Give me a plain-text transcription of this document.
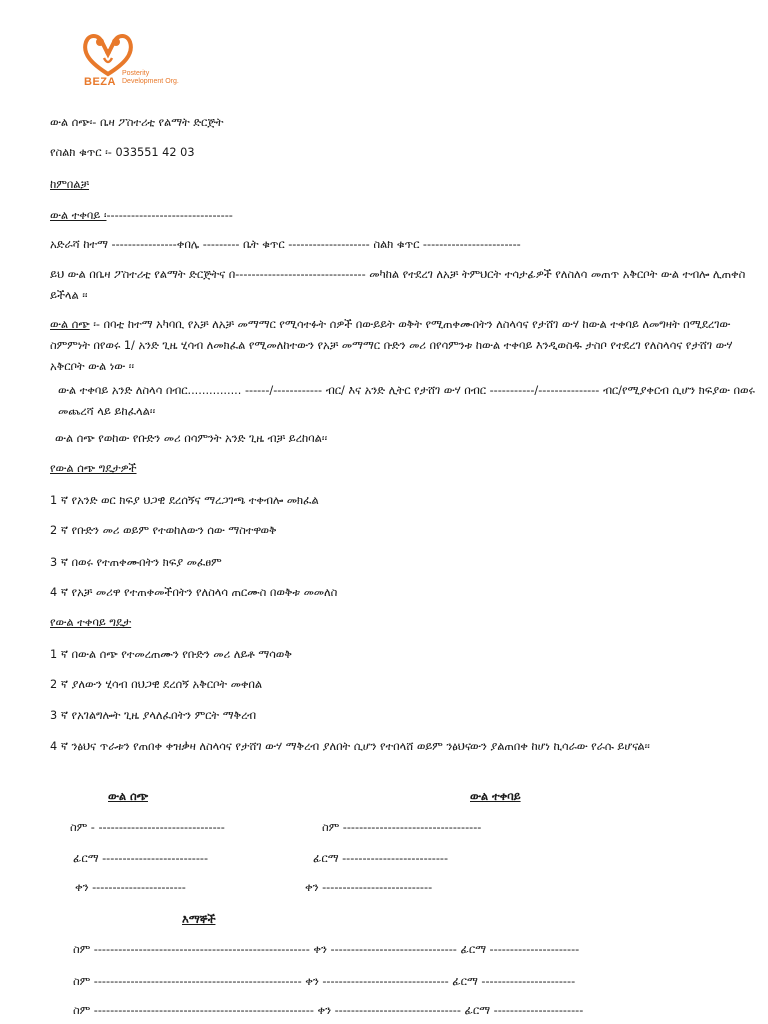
BEZA
Posterity
Development Org.
ውል ሰጭ፡- ቤዛ ፖስተሪቲ የልማት ድርጅት
የስልክ ቁጥር ፡- 033551 42 03
ከምበልቻ
ውል ተቀባይ ፡-------------------------------
አድራሻ ከተማ ----------------ቀበሌ --------- ቤት ቁጥር -------------------- ስልክ ቁጥር ------------------------
ይህ ውል በቤዛ ፖስተሪቲ የልማት ድርጅትና በ-------------------------------- መካከል የተደረገ ለአቻ ትምህርት ተሳታፊዎች የለስለሳ መጠጥ አቅርቦት ውል ተብሎ ሊጠቀስ ይችላል ፡፡
ውል ሰጭ ፡- በባቲ ከተማ አካባቢ የአቻ ለአቻ መማማር የሚሳተፉት ሰዎች በውይይት ወቅት የሚጠቀሙበትን ለስላሳና የታሸገ ውሃ ከውል ተቀባይ ለመግዛት በሚደረገው ስምምነት በየወሩ 1/ አንድ ጊዜ ሂሳብ ለመክፈል የሚመለከተውን የአቻ መማማር ቡድን መሪ በየሳምንቱ ከውል ተቀባይ እንዲወስዱ ታስቦ የተደረገ የለስላሳና የታሸገ ውሃ አቅርቦት ውል ነው ፡፡
ውል ተቀባይ አንድ ለስላሳ በብር............... ------/------------ ብር/ እና አንድ ሊትር የታሸገ ውሃ በብር -----------/--------------- ብር/የሚያቀርብ ሲሆን ክፍያው በወሩ መጨረሻ ላይ ይከፈላል፡፡
ውል ሰጭ የወከው የቡድን መሪ በሳምንት አንድ ጊዜ ብቻ ይረከባል፡፡
የውል ሰጭ ግዴታዎች
1 ኛ የአንድ ወር ክፍያ ህጋዊ ደረሰኝና ማረጋገጫ ተቀብሎ መክፈል
2 ኛ የቡድን መሪ ወይም የተወከለውን ሰው ማስተዋወቅ
3 ኛ በወሩ የተጠቀሙበትን ክፍያ መፈፀም
4 ኛ የአቻ መሪዋ የተጠቀመችበትን የለስላሳ ጠርሙስ በወቅቱ መመለስ
የውል ተቀባይ ግዴታ
1 ኛ በውል ሰጭ የተመረጠሙን የቡድን መሪ ለይቶ ማሳወቅ
2 ኛ ያለውን ሂሳብ በህጋዊ ደረሰኝ አቅርቦት መቀበል
3 ኛ የአገልግሎት ጊዜ ያላለፈበትን ምርት ማቅረብ
4 ኛ ንፅህና ጥራቱን የጠበቀ ቀዝቃዛ ለስላሳና የታሸገ ውሃ ማቅረብ ያለበት ሲሆን የተበላሸ ወይም ንፅህናውን ያልጠበቀ ከሆነ ኪሳራው የራሱ ይሆናል፡፡
ውል ሰጭ	ውል ተቀባይ
ስም - -------------------------------	ስም ----------------------------------
ፊርማ --------------------------	ፊርማ --------------------------
ቀን -----------------------	ቀን ---------------------------
እማኞች
ስም ----------------------------------------------------- ቀን ------------------------------- ፊርማ ----------------------
ስም --------------------------------------------------- ቀን ------------------------------- ፊርማ -----------------------
ስም ------------------------------------------------------ ቀን ------------------------------- ፊርማ ----------------------
